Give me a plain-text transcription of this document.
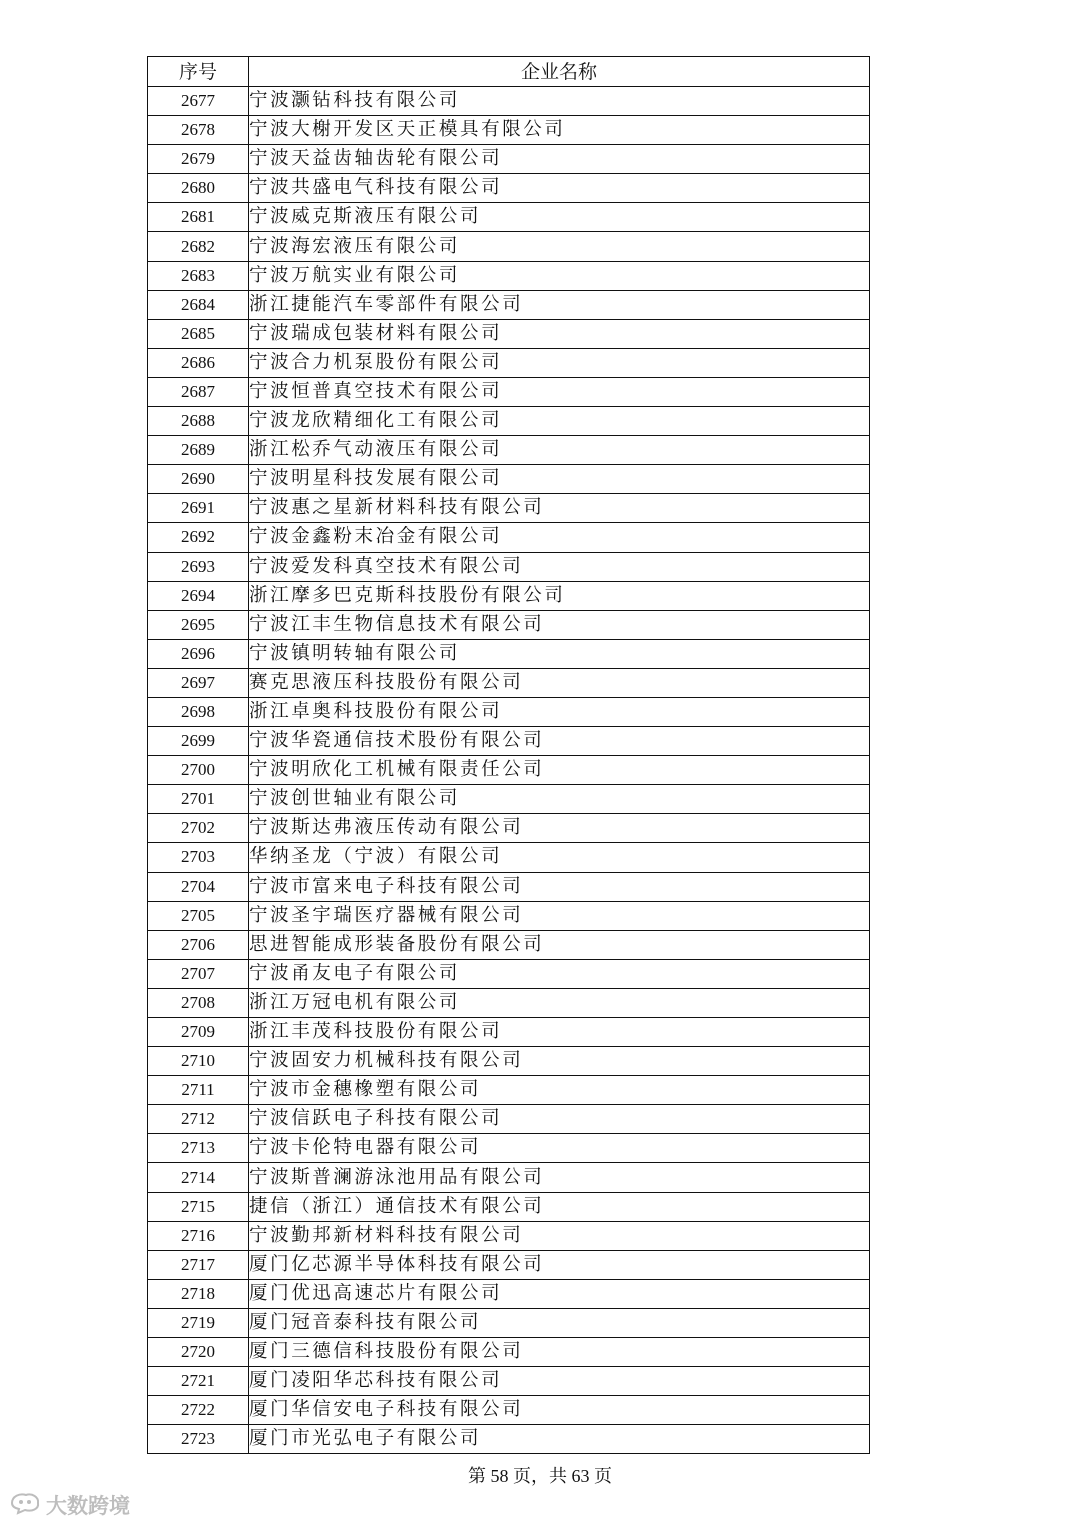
序号	企业名称
2677	宁波灏钻科技有限公司
2678	宁波大榭开发区天正模具有限公司
2679	宁波天益齿轴齿轮有限公司
2680	宁波共盛电气科技有限公司
2681	宁波威克斯液压有限公司
2682	宁波海宏液压有限公司
2683	宁波万航实业有限公司
2684	浙江捷能汽车零部件有限公司
2685	宁波瑞成包装材料有限公司
2686	宁波合力机泵股份有限公司
2687	宁波恒普真空技术有限公司
2688	宁波龙欣精细化工有限公司
2689	浙江松乔气动液压有限公司
2690	宁波明星科技发展有限公司
2691	宁波惠之星新材料科技有限公司
2692	宁波金鑫粉末冶金有限公司
2693	宁波爱发科真空技术有限公司
2694	浙江摩多巴克斯科技股份有限公司
2695	宁波江丰生物信息技术有限公司
2696	宁波镇明转轴有限公司
2697	赛克思液压科技股份有限公司
2698	浙江卓奥科技股份有限公司
2699	宁波华瓷通信技术股份有限公司
2700	宁波明欣化工机械有限责任公司
2701	宁波创世轴业有限公司
2702	宁波斯达弗液压传动有限公司
2703	华纳圣龙（宁波）有限公司
2704	宁波市富来电子科技有限公司
2705	宁波圣宇瑞医疗器械有限公司
2706	思进智能成形装备股份有限公司
2707	宁波甬友电子有限公司
2708	浙江万冠电机有限公司
2709	浙江丰茂科技股份有限公司
2710	宁波固安力机械科技有限公司
2711	宁波市金穗橡塑有限公司
2712	宁波信跃电子科技有限公司
2713	宁波卡伦特电器有限公司
2714	宁波斯普澜游泳池用品有限公司
2715	捷信（浙江）通信技术有限公司
2716	宁波勤邦新材料科技有限公司
2717	厦门亿芯源半导体科技有限公司
2718	厦门优迅高速芯片有限公司
2719	厦门冠音泰科技有限公司
2720	厦门三德信科技股份有限公司
2721	厦门凌阳华芯科技有限公司
2722	厦门华信安电子科技有限公司
2723	厦门市光弘电子有限公司
第 58 页，共 63 页
大数跨境
